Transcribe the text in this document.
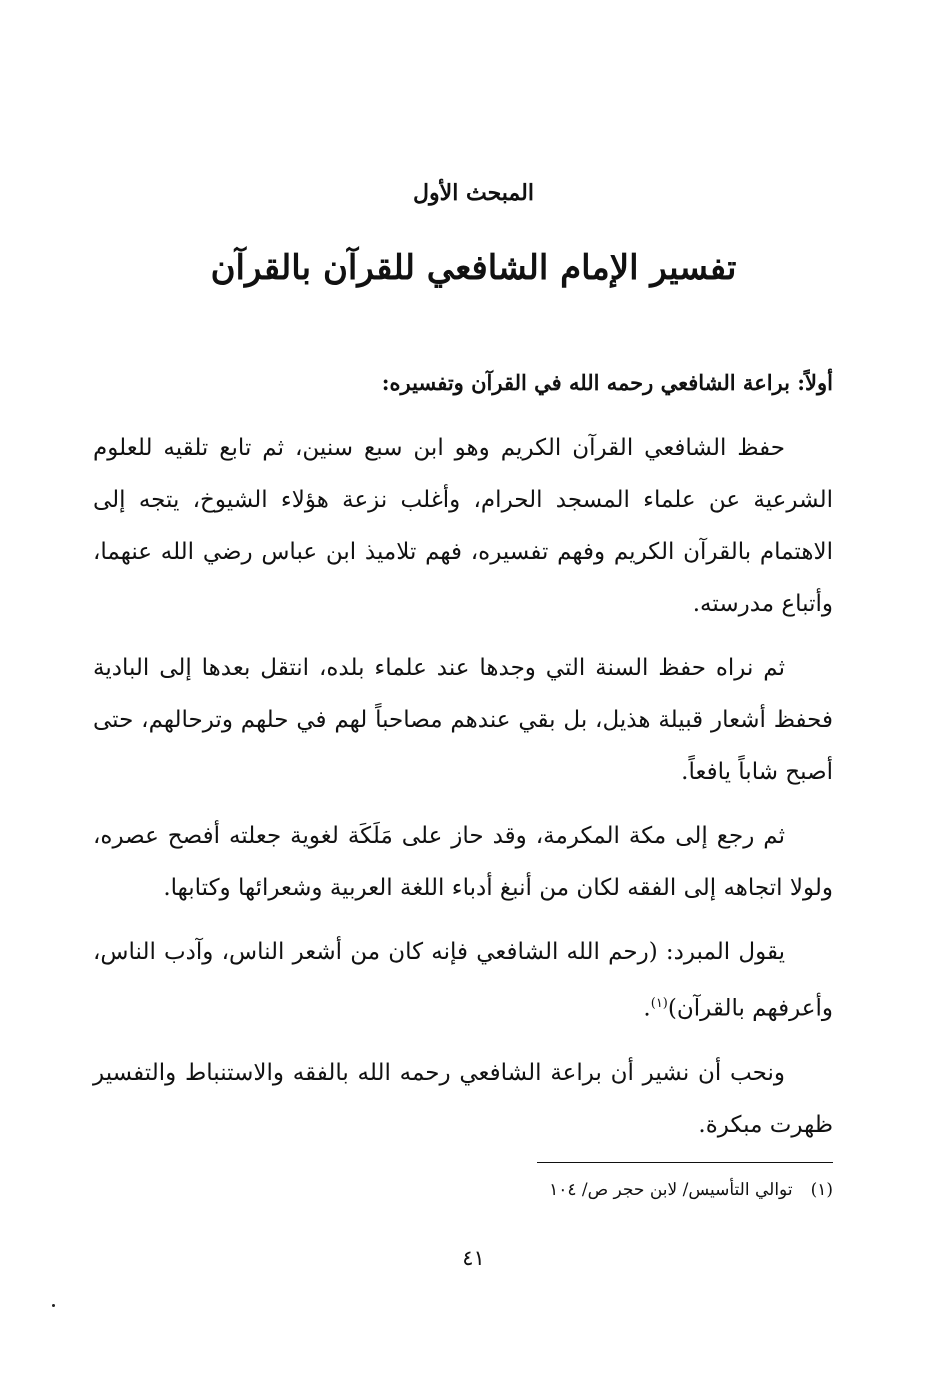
المبحث الأول
تفسير الإمام الشافعي للقرآن بالقرآن
أولاً: براعة الشافعي رحمه الله في القرآن وتفسيره:

حفظ الشافعي القرآن الكريم وهو ابن سبع سنين، ثم تابع تلقيه للعلوم الشرعية عن علماء المسجد الحرام، وأغلب نزعة هؤلاء الشيوخ، يتجه إلى الاهتمام بالقرآن الكريم وفهم تفسيره، فهم تلاميذ ابن عباس رضي الله عنهما، وأتباع مدرسته.

ثم نراه حفظ السنة التي وجدها عند علماء بلده، انتقل بعدها إلى البادية فحفظ أشعار قبيلة هذيل، بل بقي عندهم مصاحباً لهم في حلهم وترحالهم، حتى أصبح شاباً يافعاً.

ثم رجع إلى مكة المكرمة، وقد حاز على مَلَكَة لغوية جعلته أفصح عصره، ولولا اتجاهه إلى الفقه لكان من أنبغ أدباء اللغة العربية وشعرائها وكتابها.

يقول المبرد: (رحم الله الشافعي فإنه كان من أشعر الناس، وآدب الناس، وأعرفهم بالقرآن)$^{(١)}$.

ونحب أن نشير أن براعة الشافعي رحمه الله بالفقه والاستنباط والتفسير ظهرت مبكرة.

(١)توالي التأسيس/ لابن حجر ص/ ١٠٤
٤١
